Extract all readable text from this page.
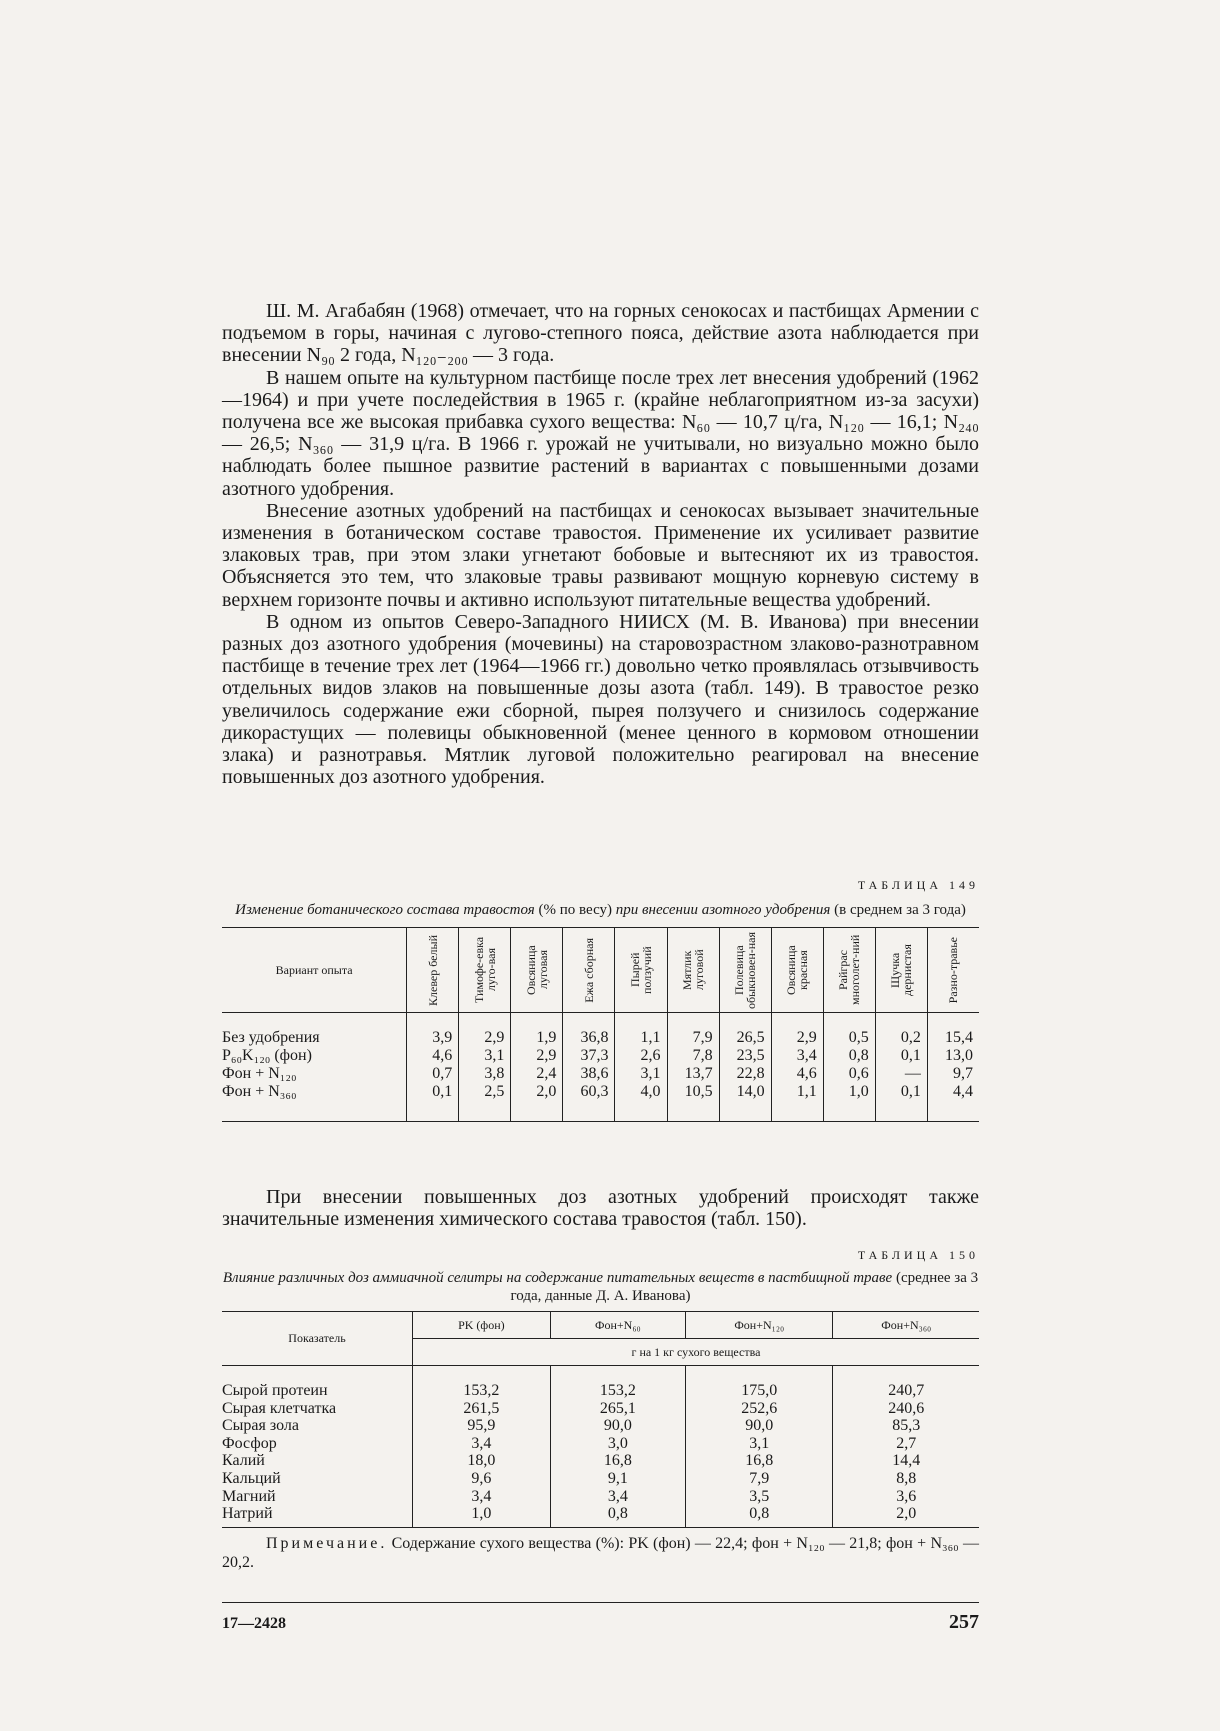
Ш. М. Агабабян (1968) отмечает, что на горных сенокосах и пастбищах Армении с подъемом в горы, начиная с лугово-степного пояса, действие азота наблюдается при внесении N₉₀ 2 года, N₁₂₀₋₂₀₀ — 3 года.

В нашем опыте на культурном пастбище после трех лет внесения удобрений (1962—1964) и при учете последействия в 1965 г. (крайне неблагоприятном из-за засухи) получена все же высокая прибавка сухого вещества: N₆₀ — 10,7 ц/га, N₁₂₀ — 16,1; N₂₄₀ — 26,5; N₃₆₀ — 31,9 ц/га. В 1966 г. урожай не учитывали, но визуально можно было наблюдать более пышное развитие растений в вариантах с повышенными дозами азотного удобрения.

Внесение азотных удобрений на пастбищах и сенокосах вызывает значительные изменения в ботаническом составе травостоя. Применение их усиливает развитие злаковых трав, при этом злаки угнетают бобовые и вытесняют их из травостоя. Объясняется это тем, что злаковые травы развивают мощную корневую систему в верхнем горизонте почвы и активно используют питательные вещества удобрений.

В одном из опытов Северо-Западного НИИСХ (М. В. Иванова) при внесении разных доз азотного удобрения (мочевины) на старовозрастном злаково-разнотравном пастбище в течение трех лет (1964—1966 гг.) довольно четко проявлялась отзывчивость отдельных видов злаков на повышенные дозы азота (табл. 149). В травостое резко увеличилось содержание ежи сборной, пырея ползучего и снизилось содержание дикорастущих — полевицы обыкновенной (менее ценного в кормовом отношении злака) и разнотравья. Мятлик луговой положительно реагировал на внесение повышенных доз азотного удобрения.

ТАБЛИЦА 149

Изменение ботанического состава травостоя (% по весу) при внесении азотного удобрения (в среднем за 3 года)

Вариант опыта	Клевер белый	Тимофе-евка луго-вая	Овсяница луговая	Ежа сборная	Пырей ползучий	Мятлик луговой	Полевица обыкновен-ная	Овсяница красная	Райграс многолет-ний	Щучка дернистая	Разно-травье

Без удобрения	3,9	2,9	1,9	36,8	1,1	7,9	26,5	2,9	0,5	0,2	15,4
P₆₀K₁₂₀ (фон)	4,6	3,1	2,9	37,3	2,6	7,8	23,5	3,4	0,8	0,1	13,0
Фон + N₁₂₀	0,7	3,8	2,4	38,6	3,1	13,7	22,8	4,6	0,6	—	9,7
Фон + N₃₆₀	0,1	2,5	2,0	60,3	4,0	10,5	14,0	1,1	1,0	0,1	4,4

При внесении повышенных доз азотных удобрений происходят также значительные изменения химического состава травостоя (табл. 150).

ТАБЛИЦА 150

Влияние различных доз аммиачной селитры на содержание питательных веществ в пастбищной траве (среднее за 3 года, данные Д. А. Иванова)

Показатель	PK (фон)	Фон+N₆₀	Фон+N₁₂₀	Фон+N₃₆₀
	г на 1 кг сухого вещества			
Сырой протеин	153,2	153,2	175,0	240,7
Сырая клетчатка	261,5	265,1	252,6	240,6
Сырая зола	95,9	90,0	90,0	85,3
Фосфор	3,4	3,0	3,1	2,7
Калий	18,0	16,8	16,8	14,4
Кальций	9,6	9,1	7,9	8,8
Магний	3,4	3,4	3,5	3,6
Натрий	1,0	0,8	0,8	2,0

Примечание. Содержание сухого вещества (%): PK (фон) — 22,4; фон + N₁₂₀ — 21,8; фон + N₃₆₀ — 20,2.

17—2428	257
